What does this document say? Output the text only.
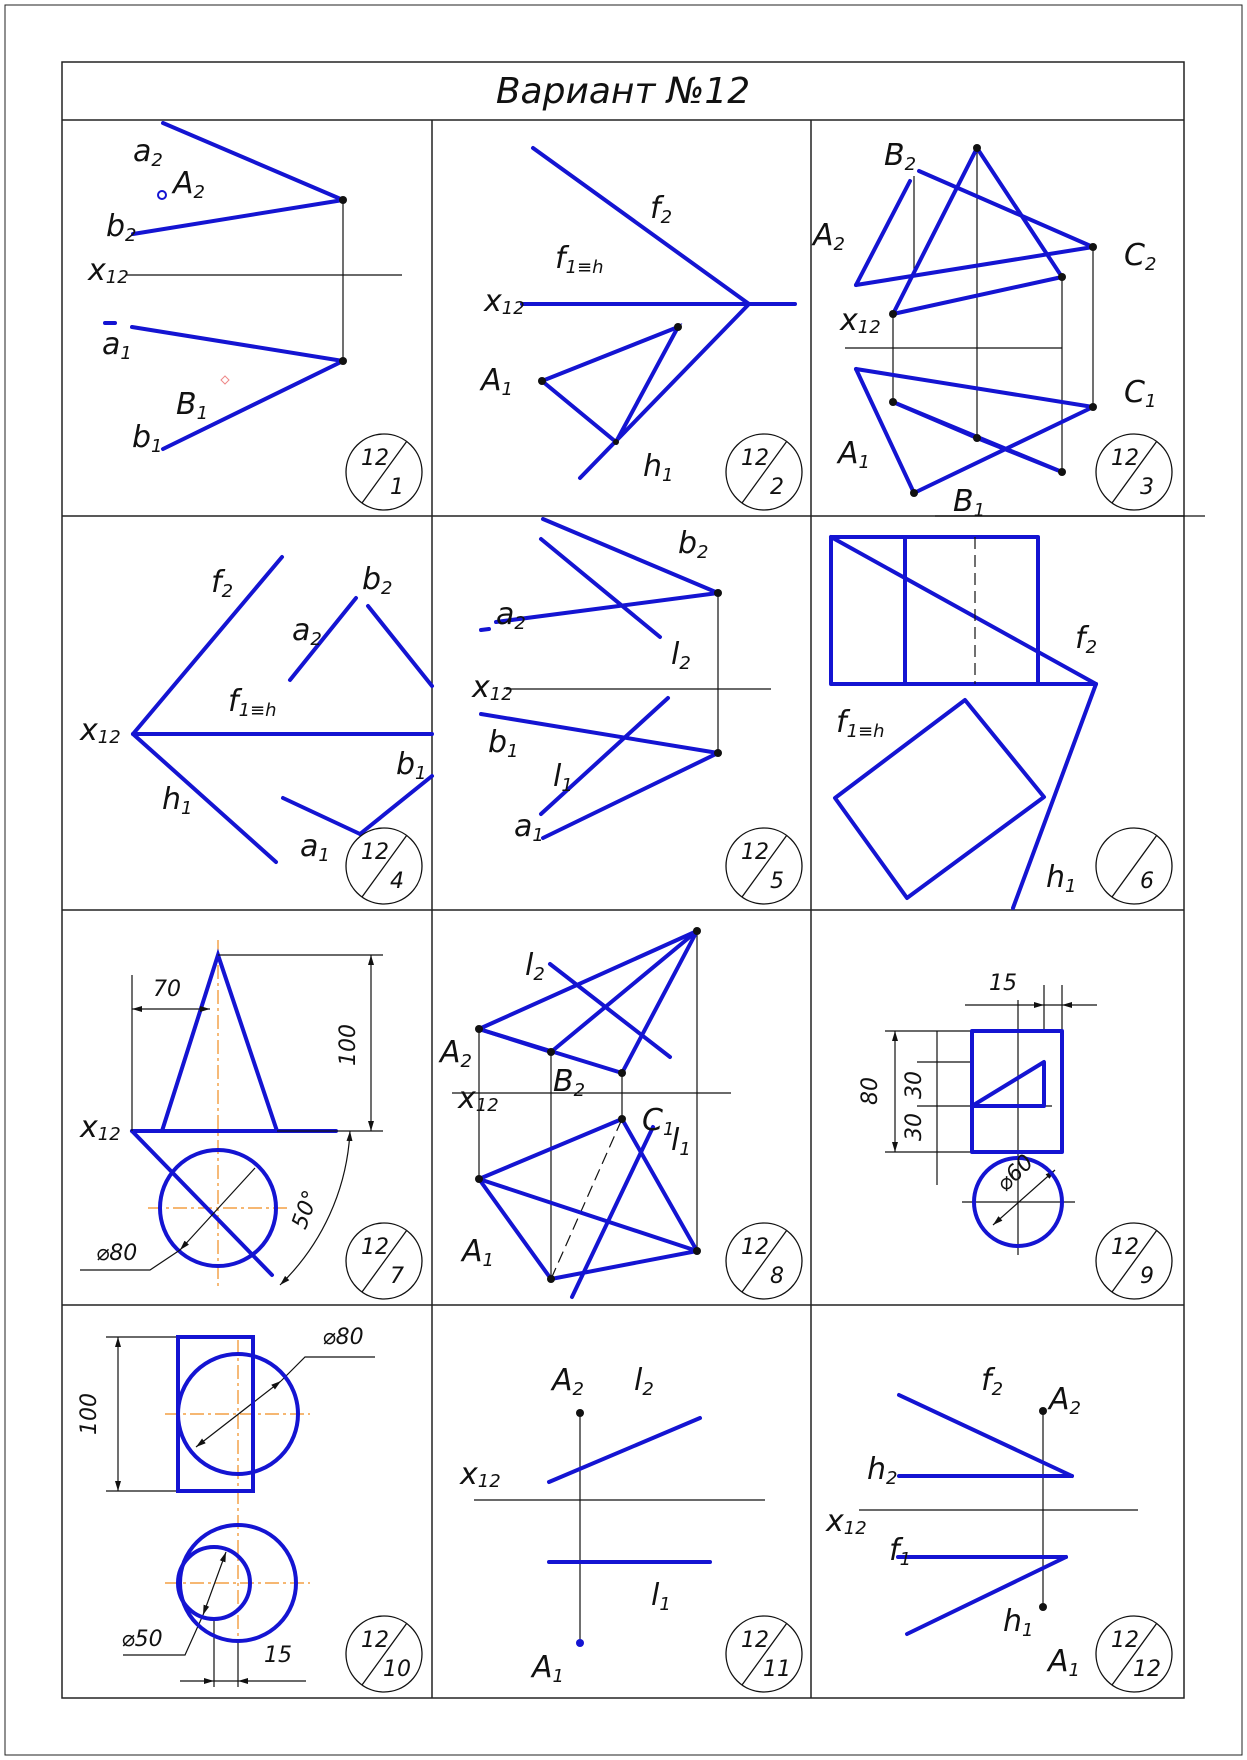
Вариант №12
a2
A2
b2
x12
a1
B1
b1	12
1
f2
f1≡h
x12
A1
h1
12
2
B2
A2	C2
x12
C1
A1
B1
12
3
f2	b2
a2
f1≡h
x12
b1
h1
a1 12
4
b2
a2
l2
x12
b1
l1
a1
12
5
f2
f1≡h
h1	6
70
100
x12
⌀80
50°
12
7
l2
A2
B2
x12	C1
l1
A1
12
8
15
80 30
30
⌀60
12
9
100
⌀80
⌀50
15
12
10
A2 l2
x12
l1
A1
12
11
f2 A2
h2
x12
f1
h1
A1
12
12
